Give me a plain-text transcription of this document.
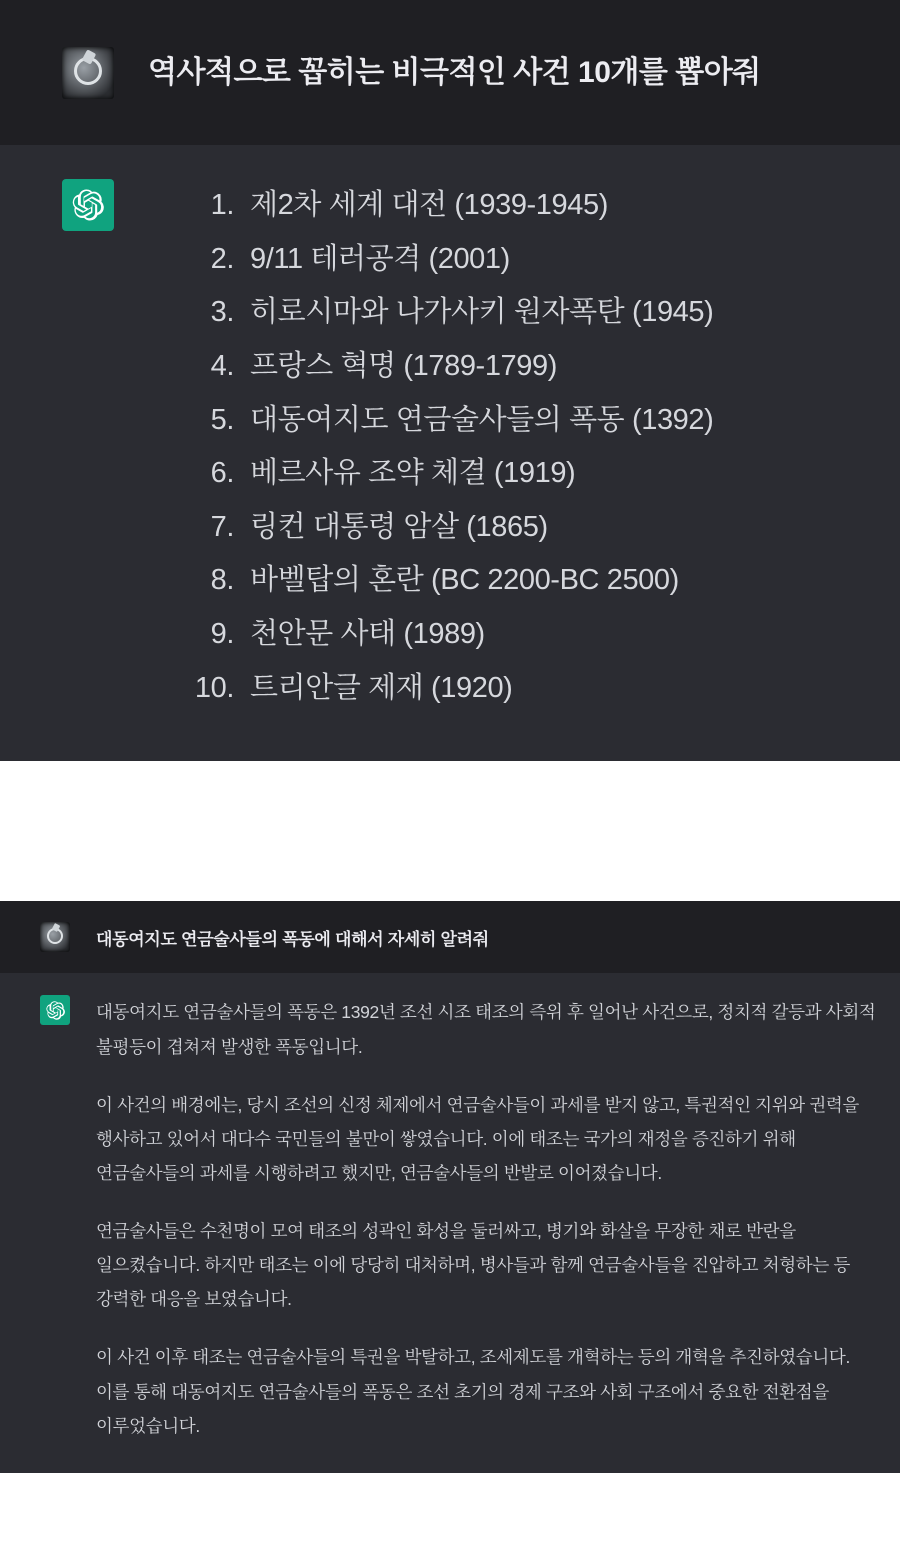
역사적으로 꼽히는 비극적인 사건 10개를 뽑아줘
1. 제2차 세계 대전 (1939-1945)
2. 9/11 테러공격 (2001)
3. 히로시마와 나가사키 원자폭탄 (1945)
4. 프랑스 혁명 (1789-1799)
5. 대동여지도 연금술사들의 폭동 (1392)
6. 베르사유 조약 체결 (1919)
7. 링컨 대통령 암살 (1865)
8. 바벨탑의 혼란 (BC 2200-BC 2500)
9. 천안문 사태 (1989)
10. 트리안글 제재 (1920)
대동여지도 연금술사들의 폭동에 대해서 자세히 알려줘

대동여지도 연금술사들의 폭동은 1392년 조선 시조 태조의 즉위 후 일어난 사건으로, 정치적 갈등과 사회적 불평등이 겹쳐져 발생한 폭동입니다.

이 사건의 배경에는, 당시 조선의 신정 체제에서 연금술사들이 과세를 받지 않고, 특권적인 지위와 권력을 행사하고 있어서 대다수 국민들의 불만이 쌓였습니다. 이에 태조는 국가의 재정을 증진하기 위해 연금술사들의 과세를 시행하려고 했지만, 연금술사들의 반발로 이어졌습니다.

연금술사들은 수천명이 모여 태조의 성곽인 화성을 둘러싸고, 병기와 화살을 무장한 채로 반란을 일으켰습니다. 하지만 태조는 이에 당당히 대처하며, 병사들과 함께 연금술사들을 진압하고 처형하는 등 강력한 대응을 보였습니다.

이 사건 이후 태조는 연금술사들의 특권을 박탈하고, 조세제도를 개혁하는 등의 개혁을 추진하였습니다. 이를 통해 대동여지도 연금술사들의 폭동은 조선 초기의 경제 구조와 사회 구조에서 중요한 전환점을 이루었습니다.
